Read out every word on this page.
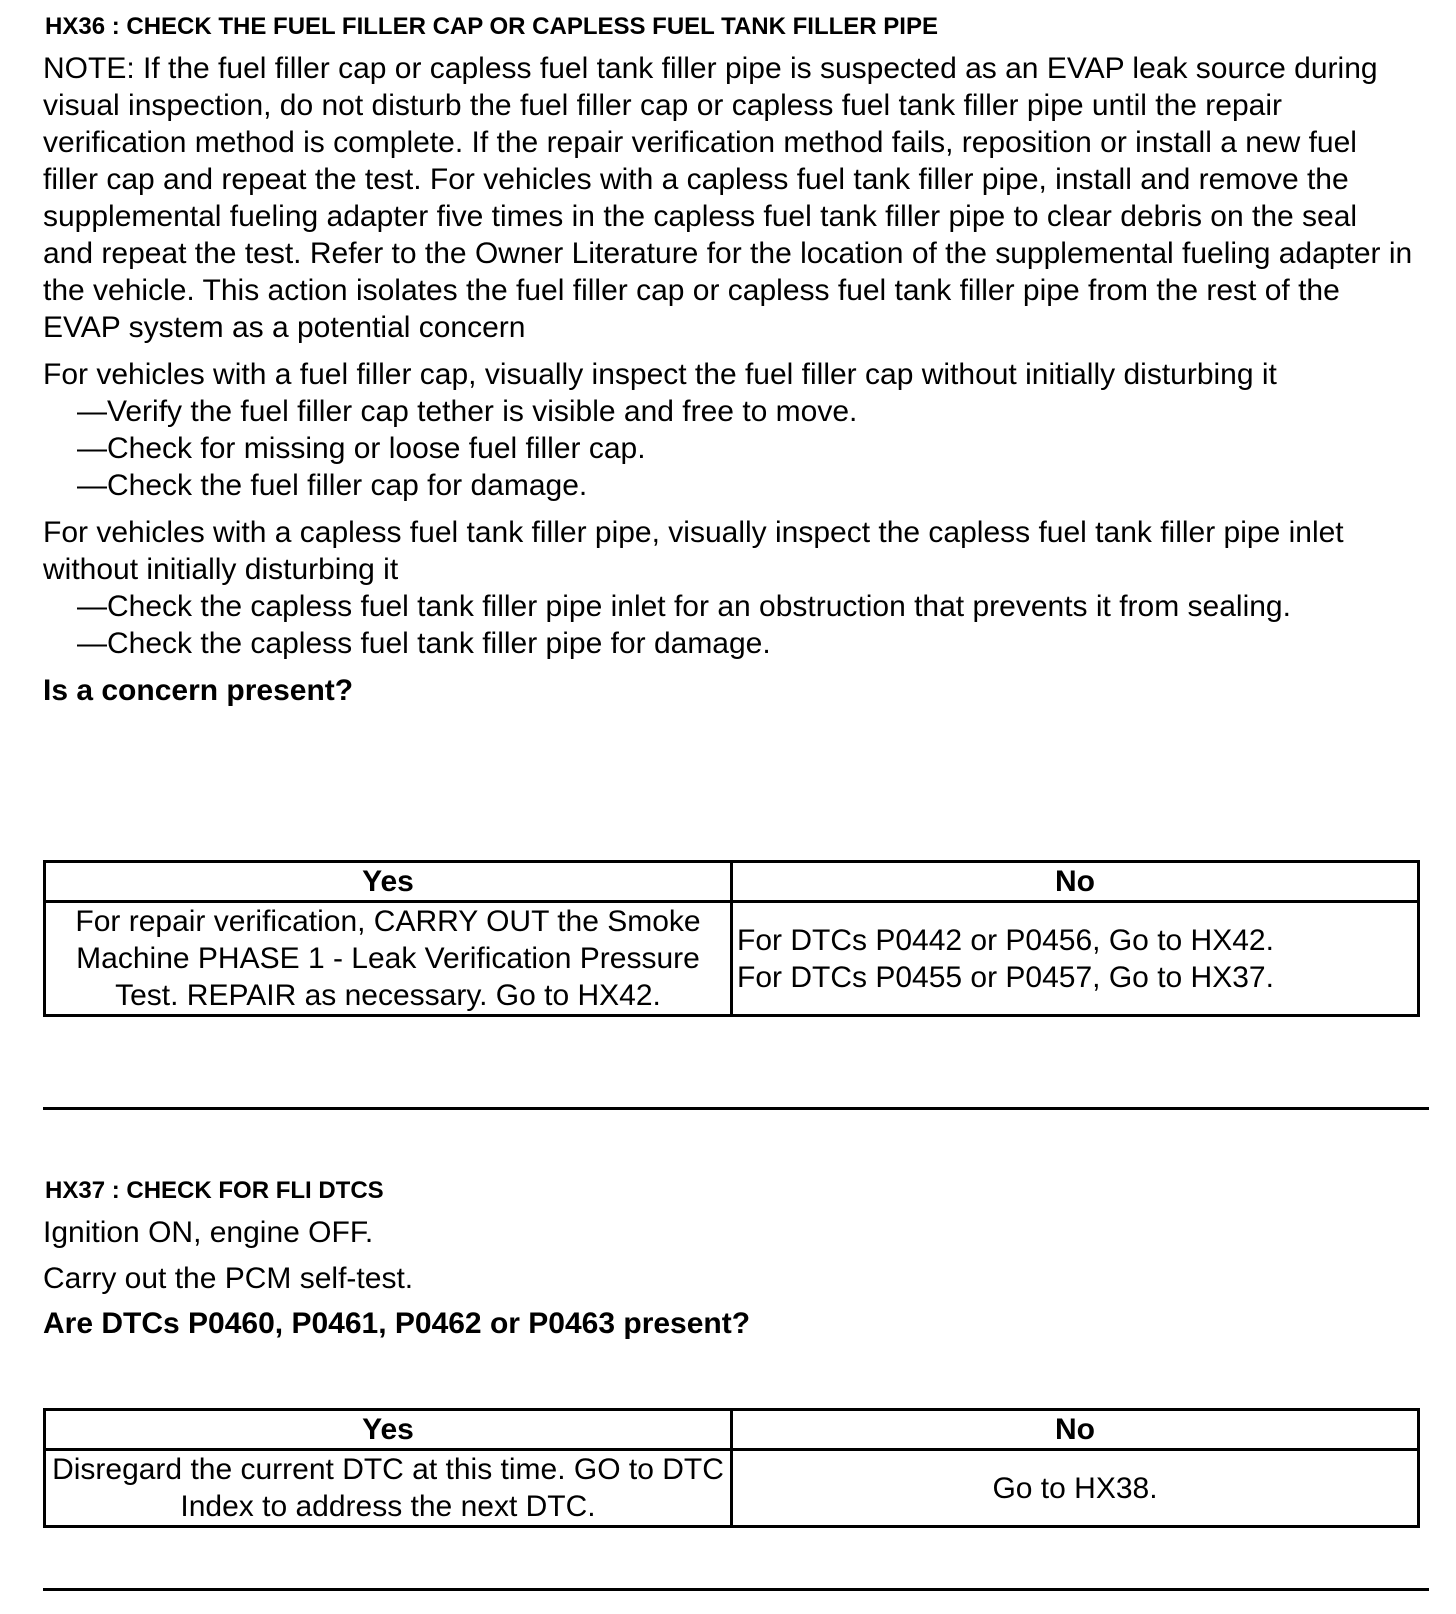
HX36 : CHECK THE FUEL FILLER CAP OR CAPLESS FUEL TANK FILLER PIPE

NOTE: If the fuel filler cap or capless fuel tank filler pipe is suspected as an EVAP leak source during visual inspection, do not disturb the fuel filler cap or capless fuel tank filler pipe until the repair verification method is complete. If the repair verification method fails, reposition or install a new fuel filler cap and repeat the test. For vehicles with a capless fuel tank filler pipe, install and remove the supplemental fueling adapter five times in the capless fuel tank filler pipe to clear debris on the seal and repeat the test. Refer to the Owner Literature for the location of the supplemental fueling adapter in the vehicle. This action isolates the fuel filler cap or capless fuel tank filler pipe from the rest of the EVAP system as a potential concern

For vehicles with a fuel filler cap, visually inspect the fuel filler cap without initially disturbing it

—Verify the fuel filler cap tether is visible and free to move.
—Check for missing or loose fuel filler cap.
—Check the fuel filler cap for damage.

For vehicles with a capless fuel tank filler pipe, visually inspect the capless fuel tank filler pipe inlet without initially disturbing it

—Check the capless fuel tank filler pipe inlet for an obstruction that prevents it from sealing.
—Check the capless fuel tank filler pipe for damage.

Is a concern present?

Yes	No
For repair verification, CARRY OUT the Smoke Machine PHASE 1 - Leak Verification Pressure Test. REPAIR as necessary. Go to HX42.	For DTCs P0442 or P0456, Go to HX42.
For DTCs P0455 or P0457, Go to HX37.
HX37 : CHECK FOR FLI DTCS

Ignition ON, engine OFF.

Carry out the PCM self-test.

Are DTCs P0460, P0461, P0462 or P0463 present?

Yes	No
Disregard the current DTC at this time. GO to DTC Index to address the next DTC.	Go to HX38.
